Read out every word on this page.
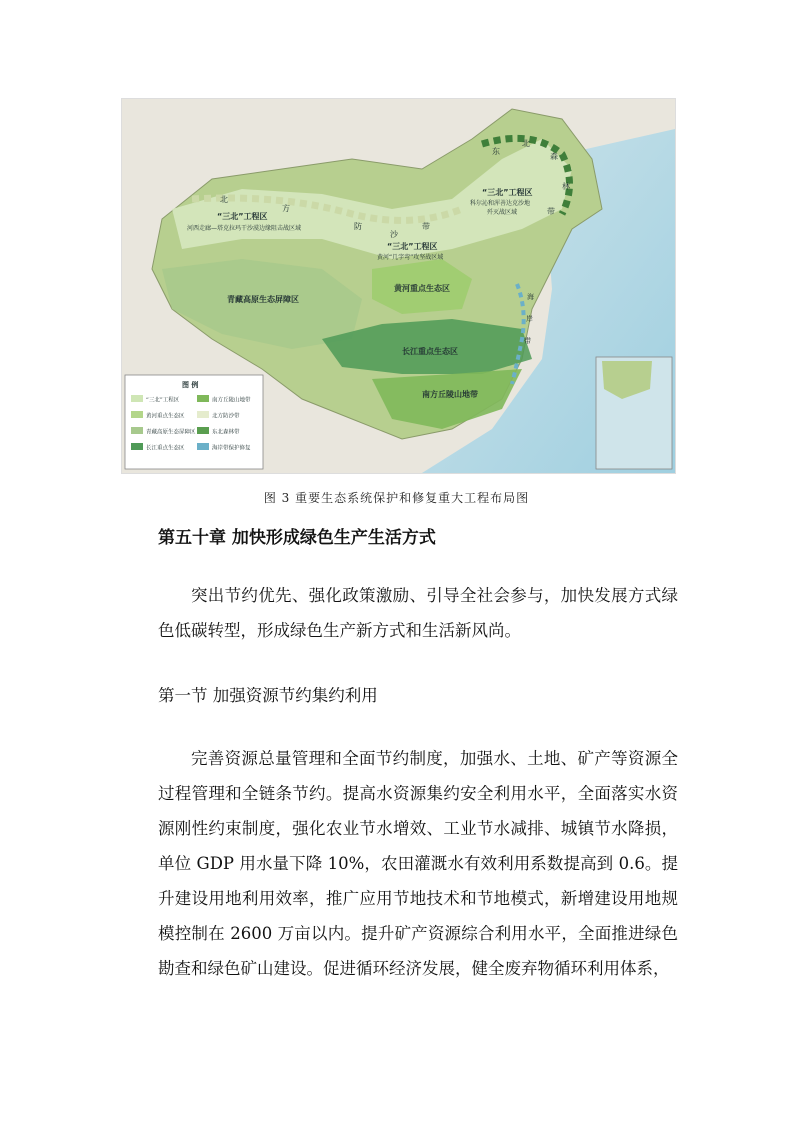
北
方
防
沙
带
东
北
森
林
带
海
岸
带
“三北”工程区
河西走廊—塔克拉玛干沙漠边缘阻击战区域
“三北”工程区
黄河“几字弯”攻坚战区域
“三北”工程区
科尔沁和浑善达克沙地
歼灭战区域
青藏高原生态屏障区
黄河重点生态区
长江重点生态区
南方丘陵山地带
图 例
“三北”工程区	南方丘陵山地带
黄河重点生态区	北方防沙带
青藏高原生态屏障区	东北森林带
长江重点生态区	海岸带保护修复
图 3 重要生态系统保护和修复重大工程布局图
第五十章 加快形成绿色生产生活方式
突出节约优先、强化政策激励、引导全社会参与，加快发展方式绿色低碳转型，形成绿色生产新方式和生活新风尚。
第一节 加强资源节约集约利用
完善资源总量管理和全面节约制度，加强水、土地、矿产等资源全过程管理和全链条节约。提高水资源集约安全利用水平，全面落实水资源刚性约束制度，强化农业节水增效、工业节水减排、城镇节水降损，单位 GDP 用水量下降 10%，农田灌溉水有效利用系数提高到 0.6。提升建设用地利用效率，推广应用节地技术和节地模式，新增建设用地规模控制在 2600 万亩以内。提升矿产资源综合利用水平，全面推进绿色勘查和绿色矿山建设。促进循环经济发展，健全废弃物循环利用体系，
